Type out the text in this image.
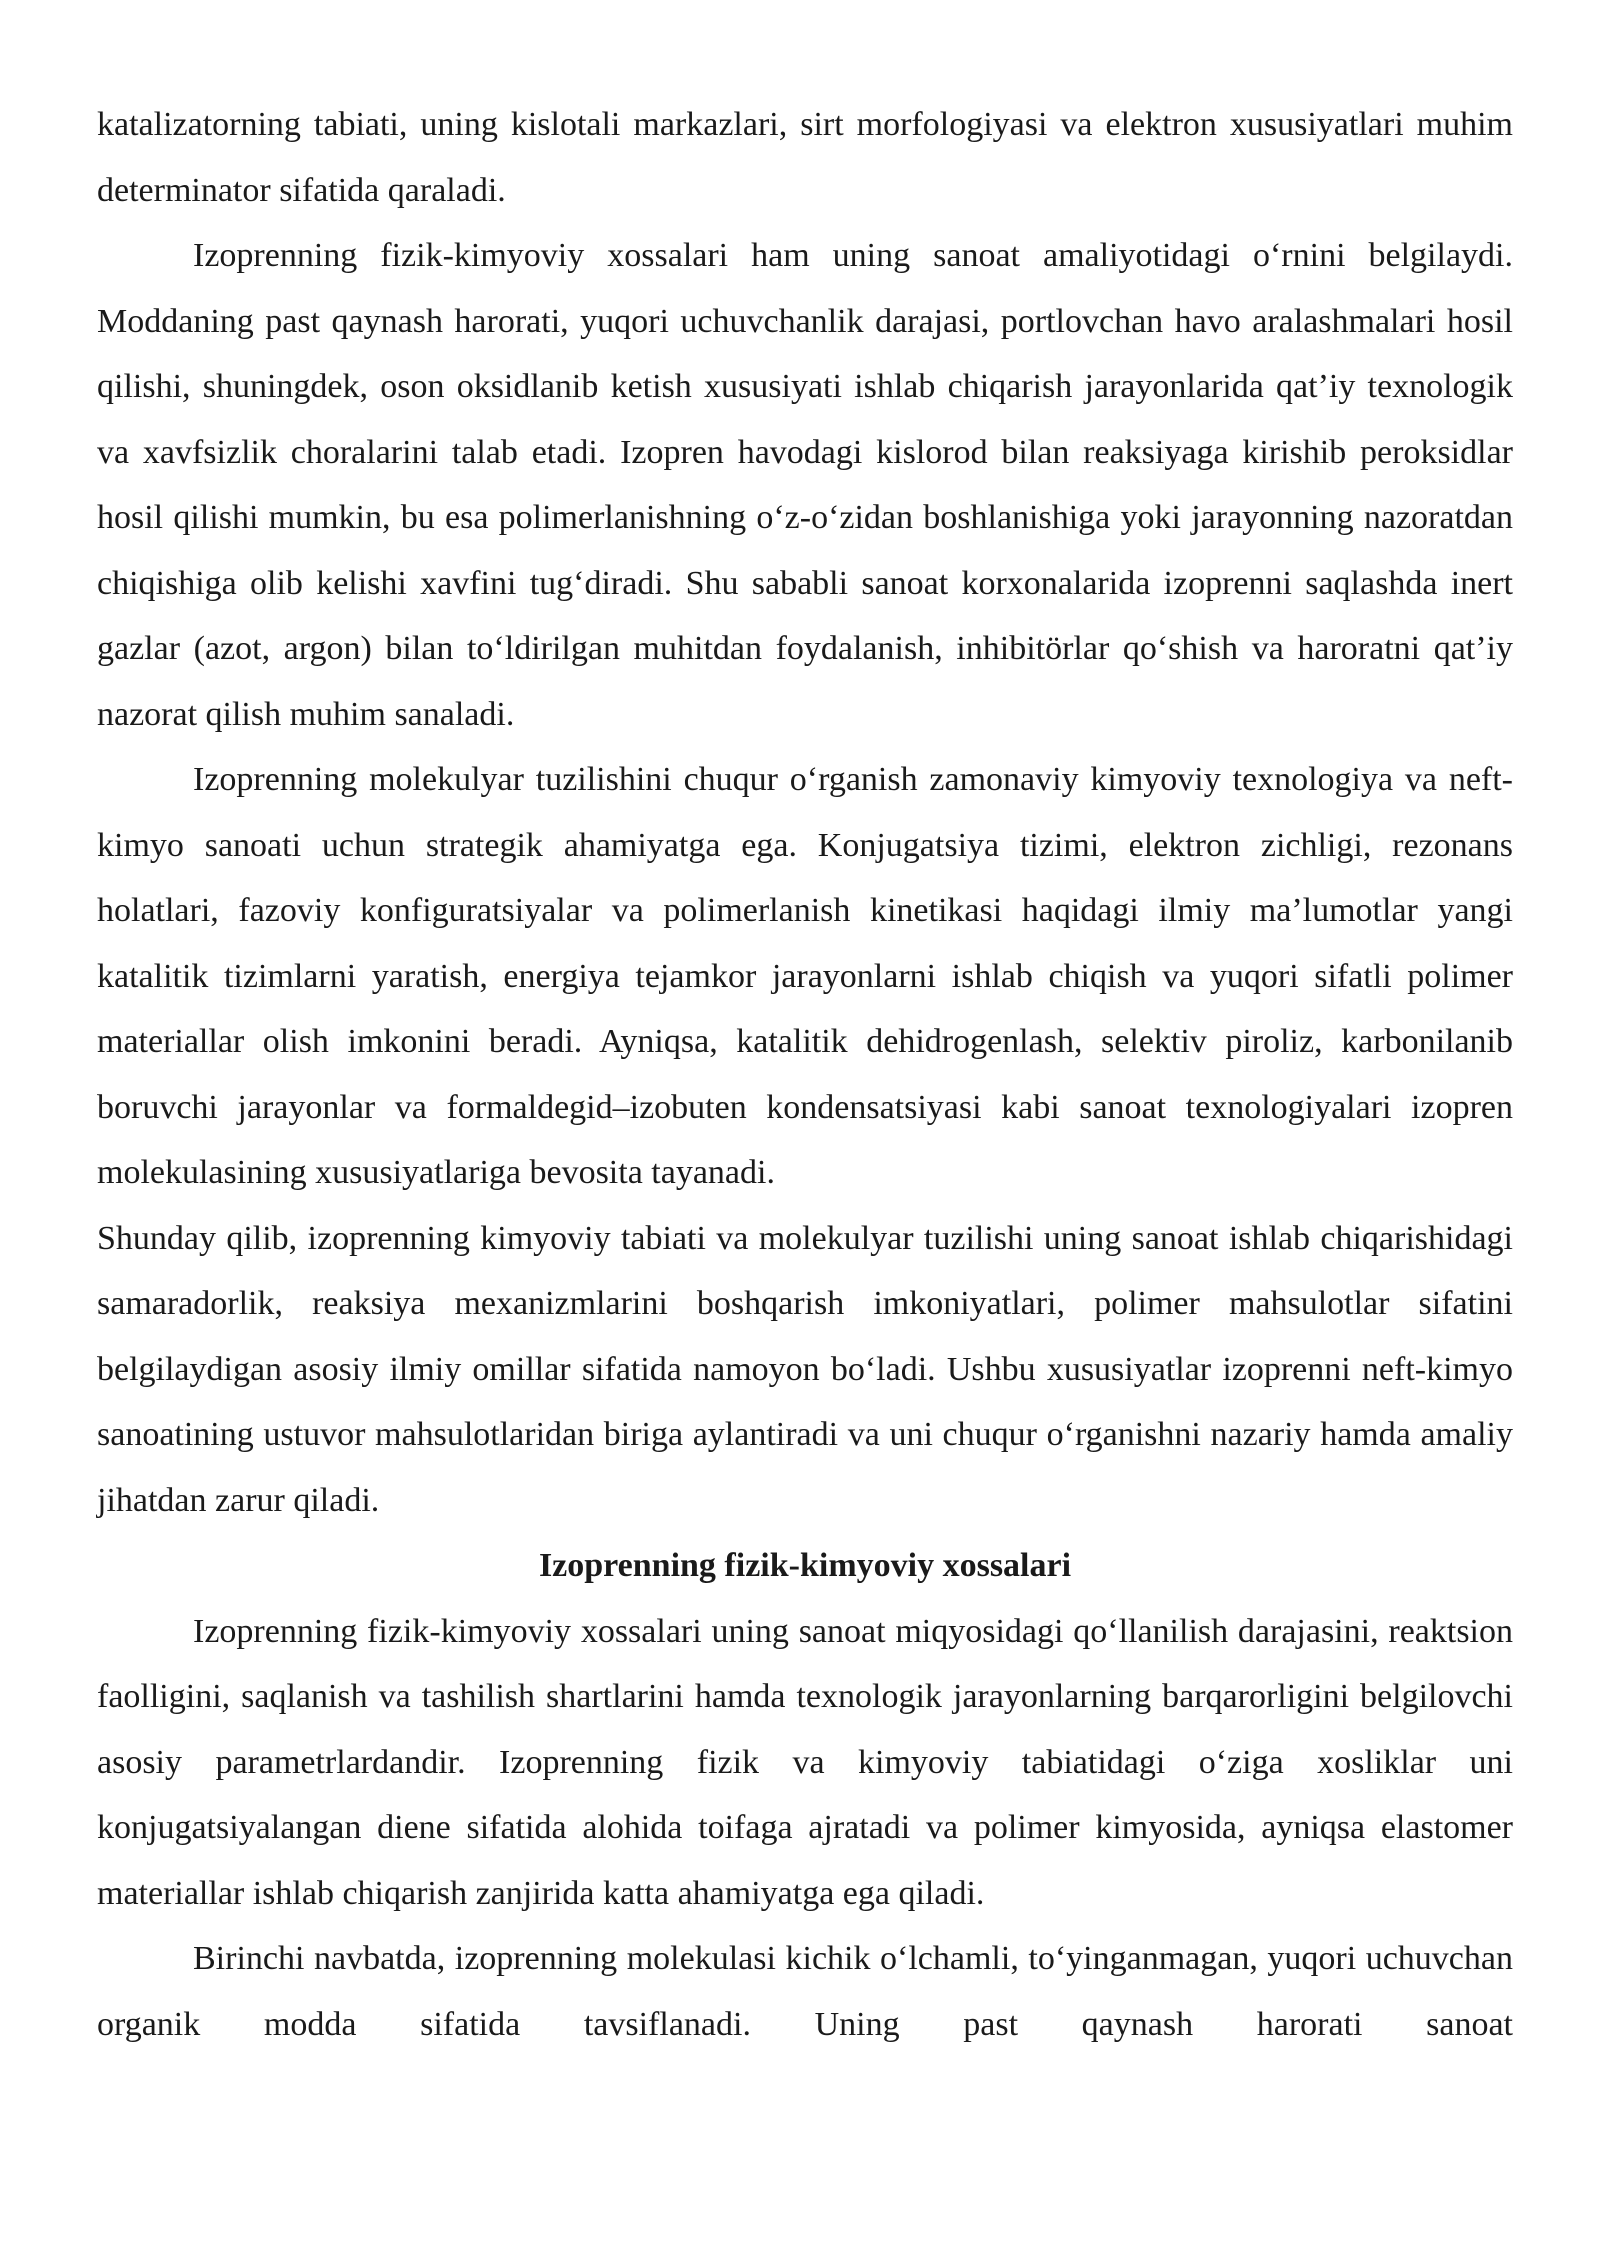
katalizatorning tabiati, uning kislotali markazlari, sirt morfologiyasi va elektron xususiyatlari muhim determinator sifatida qaraladi.

Izoprenning fizik-kimyoviy xossalari ham uning sanoat amaliyotidagi o‘rnini belgilaydi. Moddaning past qaynash harorati, yuqori uchuvchanlik darajasi, portlovchan havo aralashmalari hosil qilishi, shuningdek, oson oksidlanib ketish xususiyati ishlab chiqarish jarayonlarida qat’iy texnologik va xavfsizlik choralarini talab etadi. Izopren havodagi kislorod bilan reaksiyaga kirishib peroksidlar hosil qilishi mumkin, bu esa polimerlanishning o‘z-o‘zidan boshlanishiga yoki jarayonning nazoratdan chiqishiga olib kelishi xavfini tug‘diradi. Shu sababli sanoat korxonalarida izoprenni saqlashda inert gazlar (azot, argon) bilan to‘ldirilgan muhitdan foydalanish, inhibitörlar qo‘shish va haroratni qat’iy nazorat qilish muhim sanaladi.

Izoprenning molekulyar tuzilishini chuqur o‘rganish zamonaviy kimyoviy texnologiya va neft-kimyo sanoati uchun strategik ahamiyatga ega. Konjugatsiya tizimi, elektron zichligi, rezonans holatlari, fazoviy konfiguratsiyalar va polimerlanish kinetikasi haqidagi ilmiy ma’lumotlar yangi katalitik tizimlarni yaratish, energiya tejamkor jarayonlarni ishlab chiqish va yuqori sifatli polimer materiallar olish imkonini beradi. Ayniqsa, katalitik dehidrogenlash, selektiv piroliz, karbonilanib boruvchi jarayonlar va formaldegid–izobuten kondensatsiyasi kabi sanoat texnologiyalari izopren molekulasining xususiyatlariga bevosita tayanadi.

Shunday qilib, izoprenning kimyoviy tabiati va molekulyar tuzilishi uning sanoat ishlab chiqarishidagi samaradorlik, reaksiya mexanizmlarini boshqarish imkoniyatlari, polimer mahsulotlar sifatini belgilaydigan asosiy ilmiy omillar sifatida namoyon bo‘ladi. Ushbu xususiyatlar izoprenni neft-kimyo sanoatining ustuvor mahsulotlaridan biriga aylantiradi va uni chuqur o‘rganishni nazariy hamda amaliy jihatdan zarur qiladi.

Izoprenning fizik-kimyoviy xossalari

Izoprenning fizik-kimyoviy xossalari uning sanoat miqyosidagi qo‘llanilish darajasini, reaktsion faolligini, saqlanish va tashilish shartlarini hamda texnologik jarayonlarning barqarorligini belgilovchi asosiy parametrlardandir. Izoprenning fizik va kimyoviy tabiatidagi o‘ziga xosliklar uni konjugatsiyalangan diene sifatida alohida toifaga ajratadi va polimer kimyosida, ayniqsa elastomer materiallar ishlab chiqarish zanjirida katta ahamiyatga ega qiladi.

Birinchi navbatda, izoprenning molekulasi kichik o‘lchamli, to‘yinganmagan, yuqori uchuvchan organik modda sifatida tavsiflanadi. Uning past qaynash harorati sanoat
